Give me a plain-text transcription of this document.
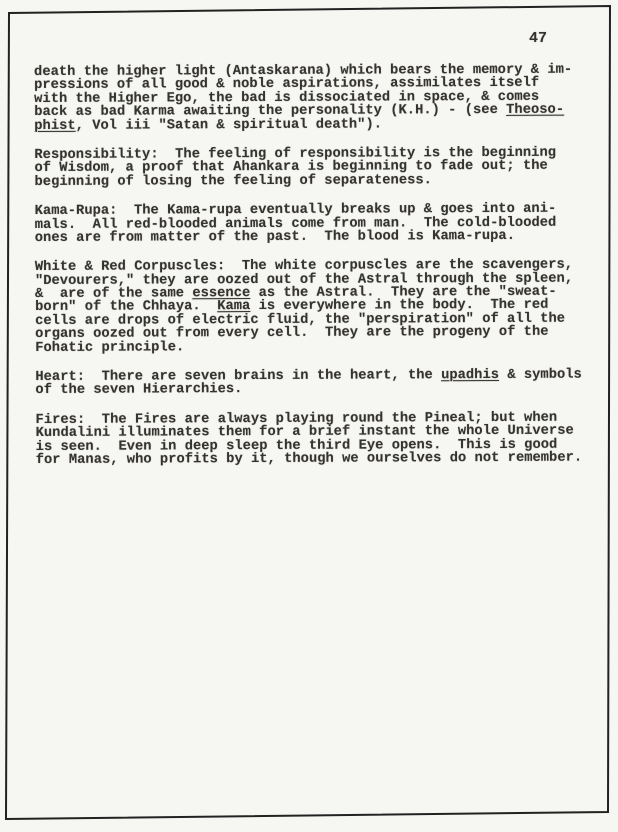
47
death the higher light (Antaskarana) which bears the memory & im-
pressions of all good & noble aspirations, assimilates itself
with the Higher Ego, the bad is dissociated in space, & comes
back as bad Karma awaiting the personality (K.H.) - (see Theoso-
phist, Vol iii "Satan & spiritual death").
Responsibility:  The feeling of responsibility is the beginning
of Wisdom, a proof that Ahankara is beginning to fade out; the
beginning of losing the feeling of separateness.
Kama-Rupa:  The Kama-rupa eventually breaks up & goes into ani-
mals.  All red-blooded animals come from man.  The cold-blooded
ones are from matter of the past.  The blood is Kama-rupa.
White & Red Corpuscles:  The white corpuscles are the scavengers,
"Devourers," they are oozed out of the Astral through the spleen,
&  are of the same essence as the Astral.  They are the "sweat-
born" of the Chhaya.  Kama is everywhere in the body.  The red
cells are drops of electric fluid, the "perspiration" of all the
organs oozed out from every cell.  They are the progeny of the
Fohatic principle.
Heart:  There are seven brains in the heart, the upadhis & symbols
of the seven Hierarchies.
Fires:  The Fires are always playing round the Pineal; but when
Kundalini illuminates them for a brief instant the whole Universe
is seen.  Even in deep sleep the third Eye opens.  This is good
for Manas, who profits by it, though we ourselves do not remember.
